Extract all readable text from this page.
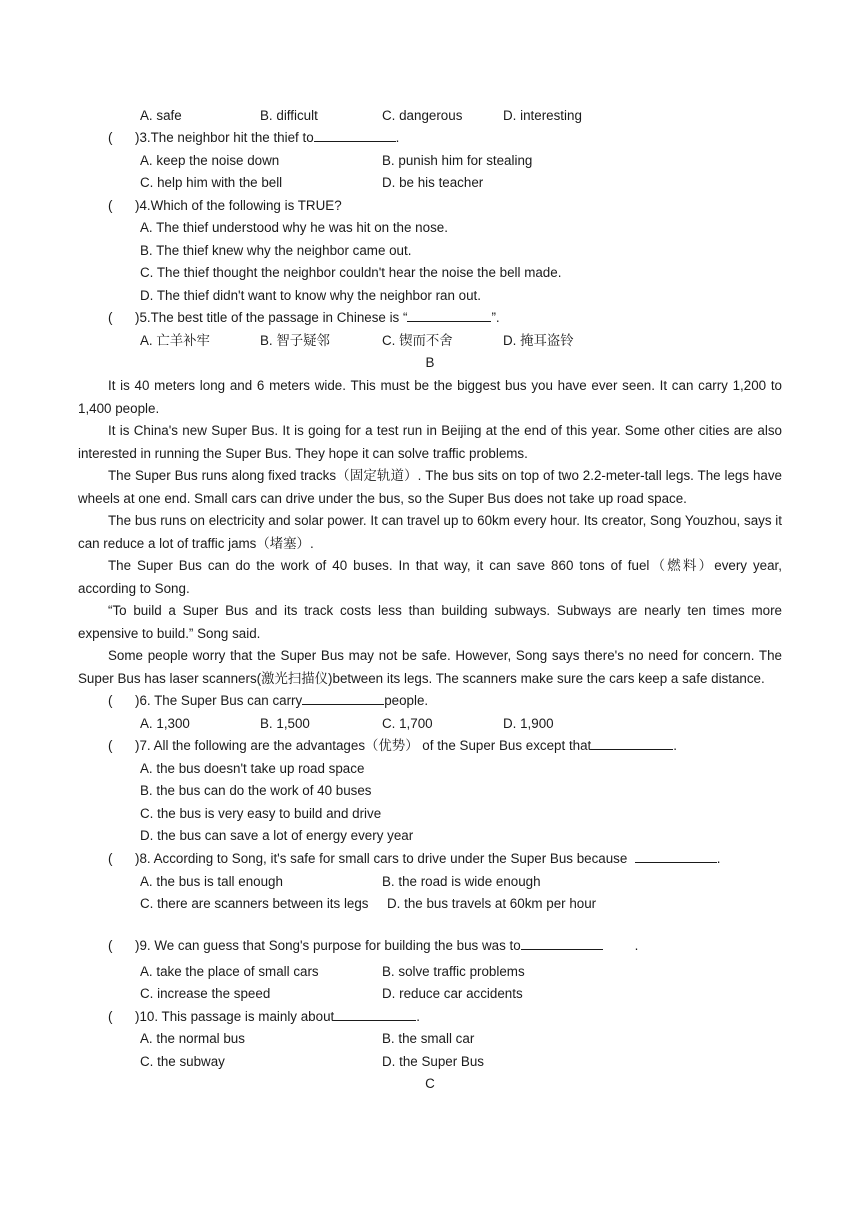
A. safe	B. difficult	C. dangerous	D. interesting
( )3.The neighbor hit the thief to	.
A. keep the noise down	B. punish him for stealing
C. help him with the bell	D. be his teacher
( )4.Which of the following is TRUE?
A. The thief understood why he was hit on the nose.
B. The thief knew why the neighbor came out.
C. The thief thought the neighbor couldn't hear the noise the bell made.
D. The thief didn't want to know why the neighbor ran out.
( )5.The best title of the passage in Chinese is “	”.
A. 亡羊补牢	B. 智子疑邻	C. 锲而不舍	D. 掩耳盗铃
B
It is 40 meters long and 6 meters wide. This must be the biggest bus you have ever seen. It can carry 1,200 to 1,400 people.
It is China's new Super Bus. It is going for a test run in Beijing at the end of this year. Some other cities are also interested in running the Super Bus. They hope it can solve traffic problems.
The Super Bus runs along fixed tracks（固定轨道）. The bus sits on top of two 2.2-meter-tall legs. The legs have wheels at one end. Small cars can drive under the bus, so the Super Bus does not take up road space.
The bus runs on electricity and solar power. It can travel up to 60km every hour. Its creator, Song Youzhou, says it can reduce a lot of traffic jams（堵塞）.
The Super Bus can do the work of 40 buses. In that way, it can save 860 tons of fuel（燃料）every year, according to Song.
“To build a Super Bus and its track costs less than building subways. Subways are nearly ten times more expensive to build.” Song said.
Some people worry that the Super Bus may not be safe. However, Song says there's no need for concern. The Super Bus has laser scanners(激光扫描仪)between its legs. The scanners make sure the cars keep a safe distance.
( )6. The Super Bus can carry	people.
A. 1,300	B. 1,500	C. 1,700	D. 1,900
( )7. All the following are the advantages（优势） of the Super Bus except that	.
A. the bus doesn't take up road space
B. the bus can do the work of 40 buses
C. the bus is very easy to build and drive
D. the bus can save a lot of energy every year
( )8. According to Song, it's safe for small cars to drive under the Super Bus because	.
A. the bus is tall enough	B. the road is wide enough
C. there are scanners between its legs D. the bus travels at 60km per hour
( )9. We can guess that Song's purpose for building the bus was to	.
A. take the place of small cars	B. solve traffic problems
C. increase the speed	D. reduce car accidents
( )10. This passage is mainly about	.
A. the normal bus	B. the small car
C. the subway	D. the Super Bus
C
